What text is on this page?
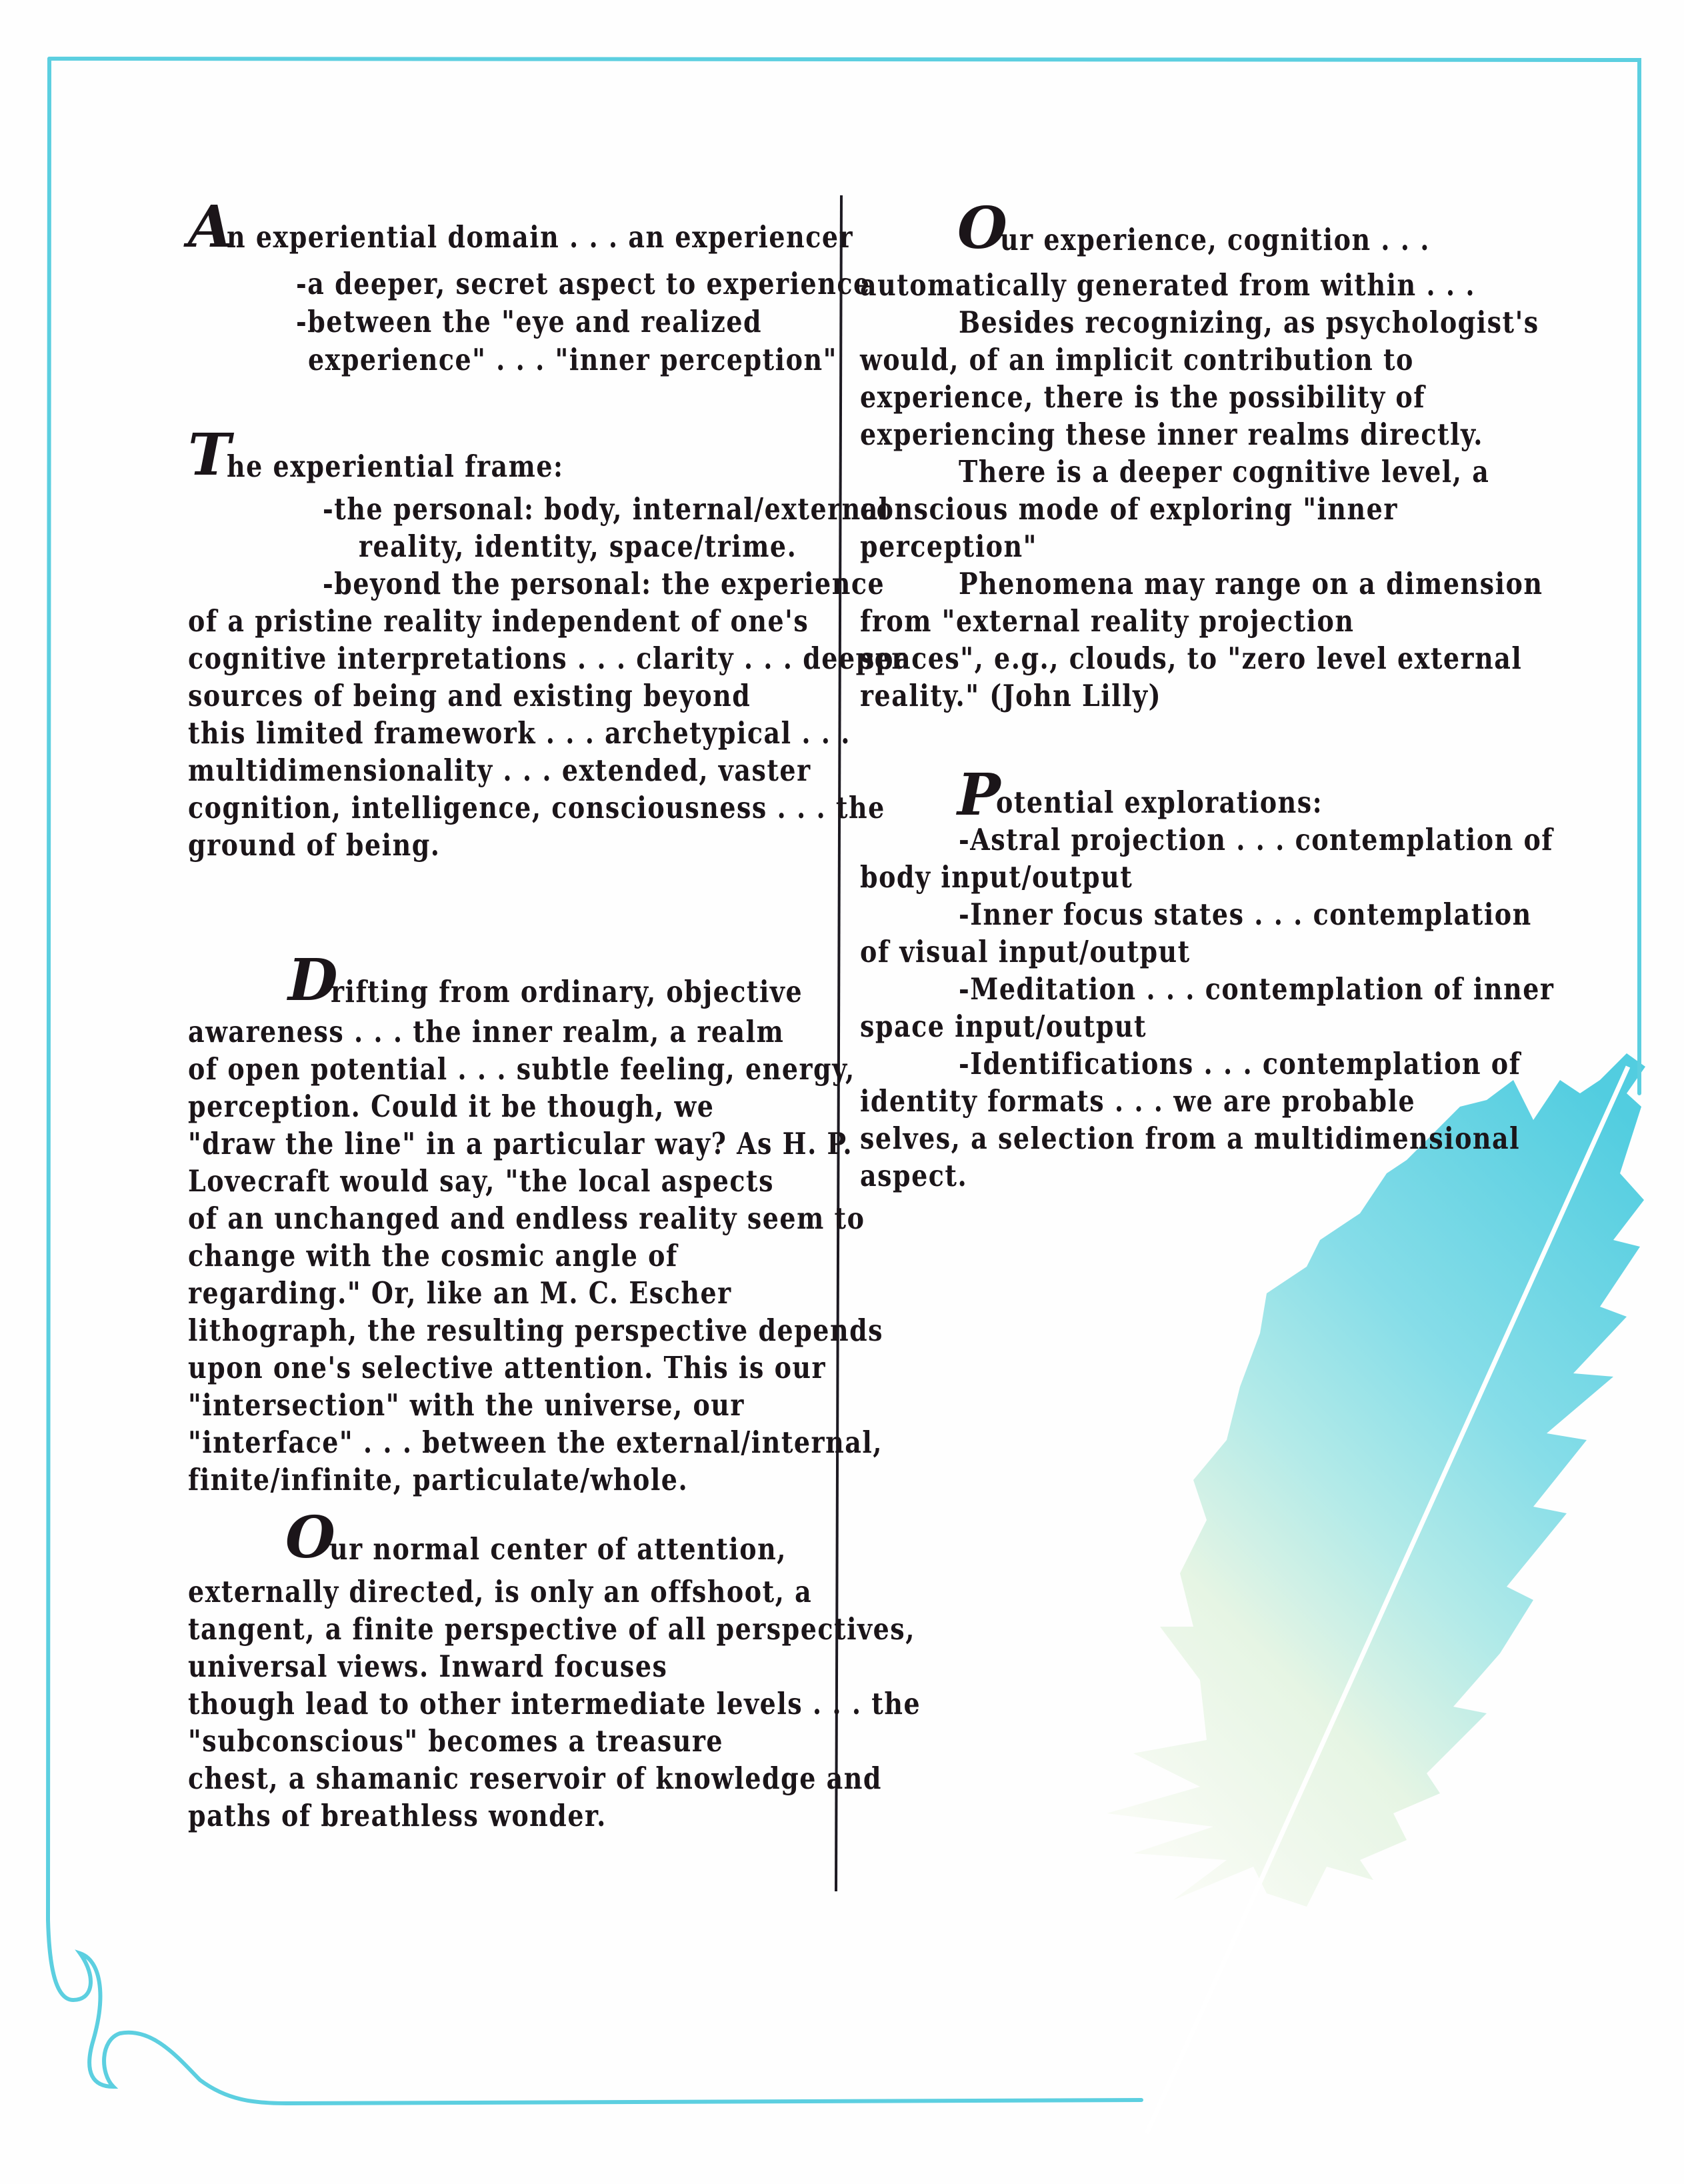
A
n experiential domain . . . an experiencer
-a deeper, secret aspect to experience
-between the "eye and realized
experience" . . . "inner perception"
T
he experiential frame:
-the personal: body, internal/external
reality, identity, space/trime.
-beyond the personal: the experience
of a pristine reality independent of one's
cognitive interpretations . . . clarity . . . deeper
sources of being and existing beyond
this limited framework . . . archetypical . . .
multidimensionality . . . extended, vaster
cognition, intelligence, consciousness . . . the
ground of being.
D
rifting from ordinary, objective
awareness . . . the inner realm, a realm
of open potential . . . subtle feeling, energy,
perception. Could it be though, we
"draw the line" in a particular way? As H. P.
Lovecraft would say, "the local aspects
of an unchanged and endless reality seem to
change with the cosmic angle of
regarding." Or, like an M. C. Escher
lithograph, the resulting perspective depends
upon one's selective attention. This is our
"intersection" with the universe, our
"interface" . . . between the external/internal,
finite/infinite, particulate/whole.
O
ur normal center of attention,
externally directed, is only an offshoot, a
tangent, a finite perspective of all perspectives,
universal views. Inward focuses
though lead to other intermediate levels . . . the
"subconscious" becomes a treasure
chest, a shamanic reservoir of knowledge and
paths of breathless wonder.
O
ur experience, cognition . . .
automatically generated from within . . .
Besides recognizing, as psychologist's
would, of an implicit contribution to
experience, there is the possibility of
experiencing these inner realms directly.
There is a deeper cognitive level, a
conscious mode of exploring "inner
perception"
Phenomena may range on a dimension
from "external reality projection
spaces", e.g., clouds, to "zero level external
reality." (John Lilly)
P
otential explorations:
-Astral projection . . . contemplation of
body input/output
-Inner focus states . . . contemplation
of visual input/output
-Meditation . . . contemplation of inner
space input/output
-Identifications . . . contemplation of
identity formats . . . we are probable
selves, a selection from a multidimensional
aspect.
